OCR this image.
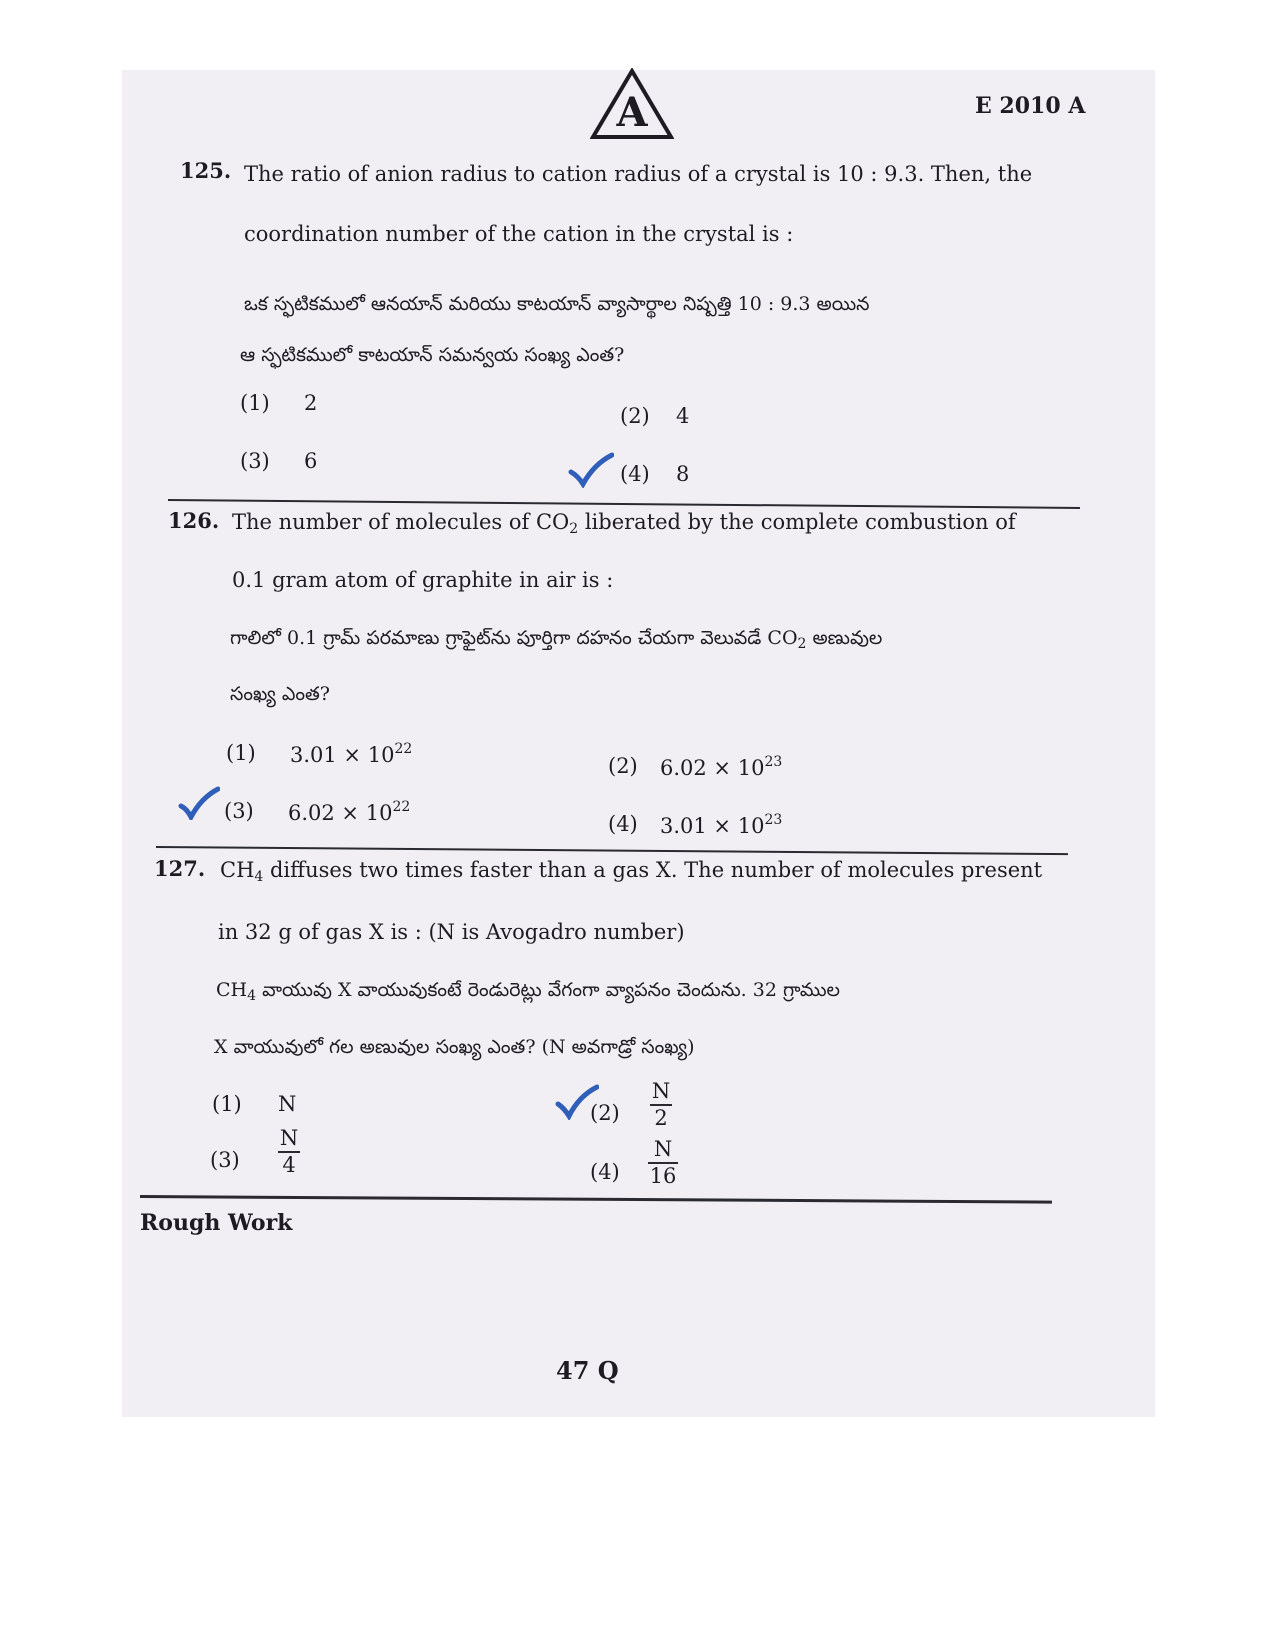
A	E 2010 A
125. The ratio of anion radius to cation radius of a crystal is 10 : 9.3. Then, the
coordination number of the cation in the crystal is :
ఒక స్ఫటికములో ఆనయాన్ మరియు కాటయాన్ వ్యాసార్థాల నిష్పత్తి 10 : 9.3 అయిన
ఆ స్ఫటికములో కాటయాన్ సమన్వయ సంఖ్య ఎంత?
(1) 2
(2) 4
(3) 6
(4) 8
126. The number of molecules of $CO_2$ liberated by the complete combustion of
0.1 gram atom of graphite in air is :
గాలిలో 0.1 గ్రామ్ పరమాణు గ్రాఫైట్‌ను పూర్తిగా దహనం చేయగా వెలువడే $CO_2$ అణువుల
సంఖ్య ఎంత?
(1) $3.01 \times 10^{22}$
(2) $6.02 \times 10^{23}$
(3) $6.02 \times 10^{22}$
(4) $3.01 \times 10^{23}$
127. $CH_4$ diffuses two times faster than a gas X. The number of molecules present
in 32 g of gas X is : (N is Avogadro number)
$CH_4$ వాయువు X వాయువుకంటే రెండురెట్లు వేగంగా వ్యాపనం చెందును. 32 గ్రాముల
X వాయువులో గల అణువుల సంఖ్య ఎంత? (N అవగాడ్రో సంఖ్య)
(1) N	(2)
N
2
(3)
N
4	(4)
N
16
Rough Work
47 Q
